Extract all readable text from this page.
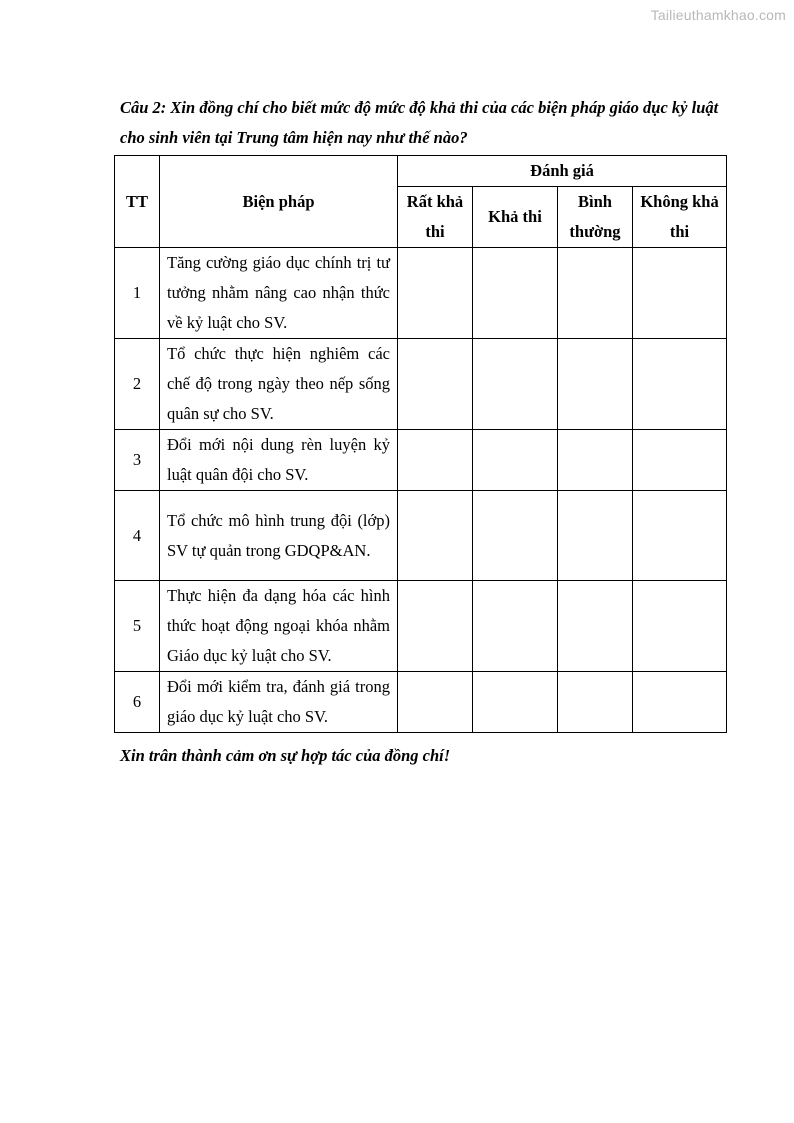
Tailieuthamkhao.com

Câu 2: Xin đồng chí cho biết mức độ mức độ khả thi của các biện pháp giáo dục kỷ luật cho sinh viên tại Trung tâm hiện nay như thế nào?

TT	Biện pháp	Đánh giá			
		Rất khả thi	Khả thi	Bình thường	Không khả thi
1	Tăng cường giáo dục chính trị tư tưởng nhằm nâng cao nhận thức về kỷ luật cho SV.				
2	Tổ chức thực hiện nghiêm các chế độ trong ngày theo nếp sống quân sự cho SV.				
3	Đổi mới nội dung rèn luyện kỷ luật quân đội cho SV.				
4	Tổ chức mô hình trung đội (lớp) SV tự quản trong GDQP&AN.				
5	Thực hiện đa dạng hóa các hình thức hoạt động ngoại khóa nhằm Giáo dục kỷ luật cho SV.				
6	Đổi mới kiểm tra, đánh giá trong giáo dục kỷ luật cho SV.				

Xin trân thành cảm ơn sự hợp tác của đồng chí!
